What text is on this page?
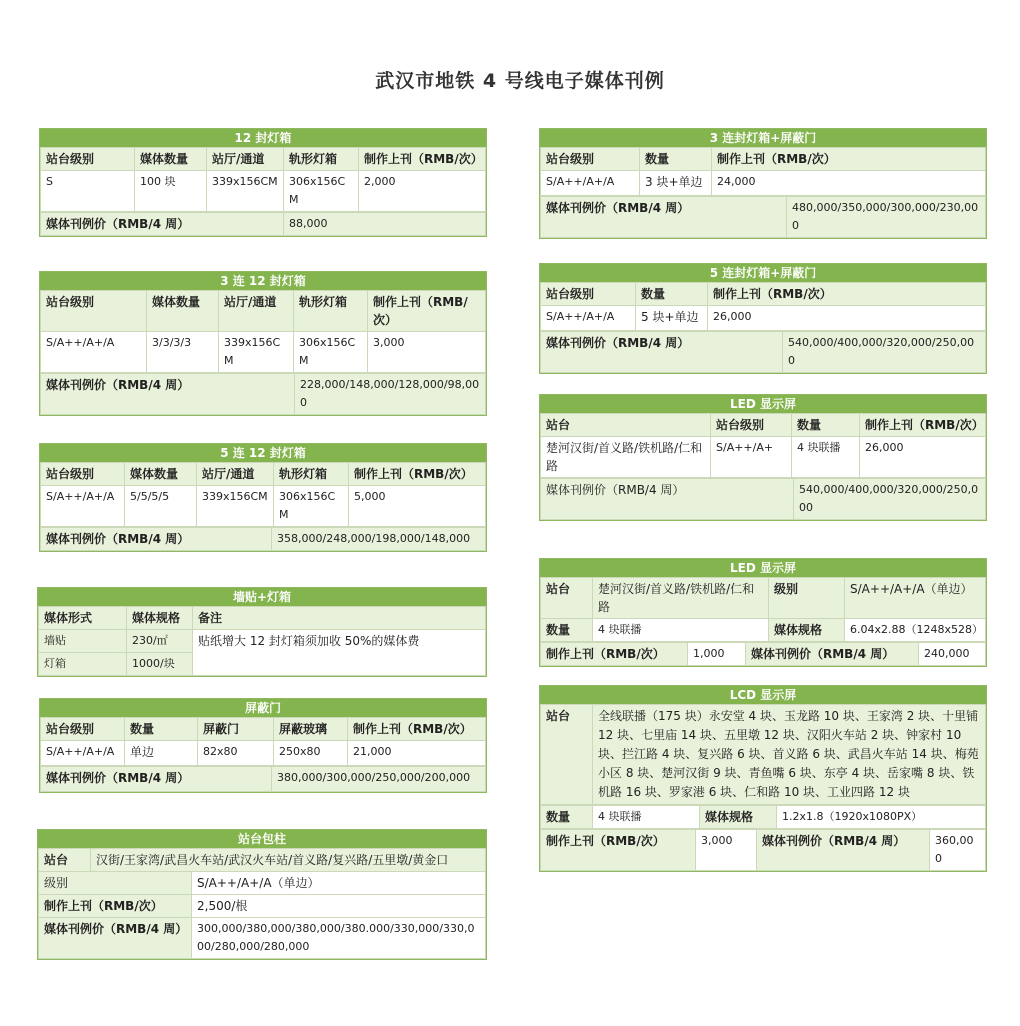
武汉市地铁 4 号线电子媒体刊例
12 封灯箱
站台级别	媒体数量	站厅/通道	轨形灯箱	制作上刊（RMB/次）
S	100 块	339x156CM	306x156CM	2,000
媒体刊例价（RMB/4 周）	88,000
3 连 12 封灯箱
站台级别	媒体数量	站厅/通道	轨形灯箱	制作上刊（RMB/次）
S/A++/A+/A	3/3/3/3	339x156CM	306x156CM	3,000
媒体刊例价（RMB/4 周）	228,000/148,000/128,000/98,000
5 连 12 封灯箱
站台级别	媒体数量	站厅/通道	轨形灯箱	制作上刊（RMB/次）
S/A++/A+/A	5/5/5/5	339x156CM	306x156CM	5,000
媒体刊例价（RMB/4 周）	358,000/248,000/198,000/148,000
墙贴+灯箱
媒体形式	媒体规格	备注
墙贴	230/㎡	贴纸增大 12 封灯箱须加收 50%的媒体费
灯箱	1000/块	
屏蔽门
站台级别	数量	屏蔽门	屏蔽玻璃	制作上刊（RMB/次）
S/A++/A+/A	单边	82x80	250x80	21,000
媒体刊例价（RMB/4 周）	380,000/300,000/250,000/200,000
站台包柱
站台	汉街/王家湾/武昌火车站/武汉火车站/首义路/复兴路/五里墩/黄金口	
级别		S/A++/A+/A（单边）
制作上刊（RMB/次）		2,500/根
媒体刊例价（RMB/4 周）		300,000/380,000/380,000/380.000/330,000/330,000/280,000/280,000
3 连封灯箱+屏蔽门
站台级别	数量	制作上刊（RMB/次）
S/A++/A+/A	3 块+单边	24,000
媒体刊例价（RMB/4 周）	480,000/350,000/300,000/230,000
5 连封灯箱+屏蔽门
站台级别	数量	制作上刊（RMB/次）
S/A++/A+/A	5 块+单边	26,000
媒体刊例价（RMB/4 周）	540,000/400,000/320,000/250,000
LED 显示屏
站台	站台级别	数量	制作上刊（RMB/次）
楚河汉街/首义路/铁机路/仁和路	S/A++/A+	4 块联播	26,000
媒体刊例价（RMB/4 周）	540,000/400,000/320,000/250,000
LED 显示屏
站台	楚河汉街/首义路/铁机路/仁和路	级别	S/A++/A+/A（单边）
数量	4 块联播	媒体规格	6.04x2.88（1248x528）
制作上刊（RMB/次）	1,000	媒体刊例价（RMB/4 周）	240,000
LCD 显示屏
站台	全线联播（175 块）永安堂 4 块、玉龙路 10 块、王家湾 2 块、十里铺 12 块、七里庙 14 块、五里墩 12 块、汉阳火车站 2 块、钟家村 10 块、拦江路 4 块、复兴路 6 块、首义路 6 块、武昌火车站 14 块、梅苑小区 8 块、楚河汉街 9 块、青鱼嘴 6 块、东亭 4 块、岳家嘴 8 块、铁机路 16 块、罗家港 6 块、仁和路 10 块、工业四路 12 块
数量	4 块联播	媒体规格	1.2x1.8（1920x1080PX）
制作上刊（RMB/次）	3,000	媒体刊例价（RMB/4 周）	360,000
